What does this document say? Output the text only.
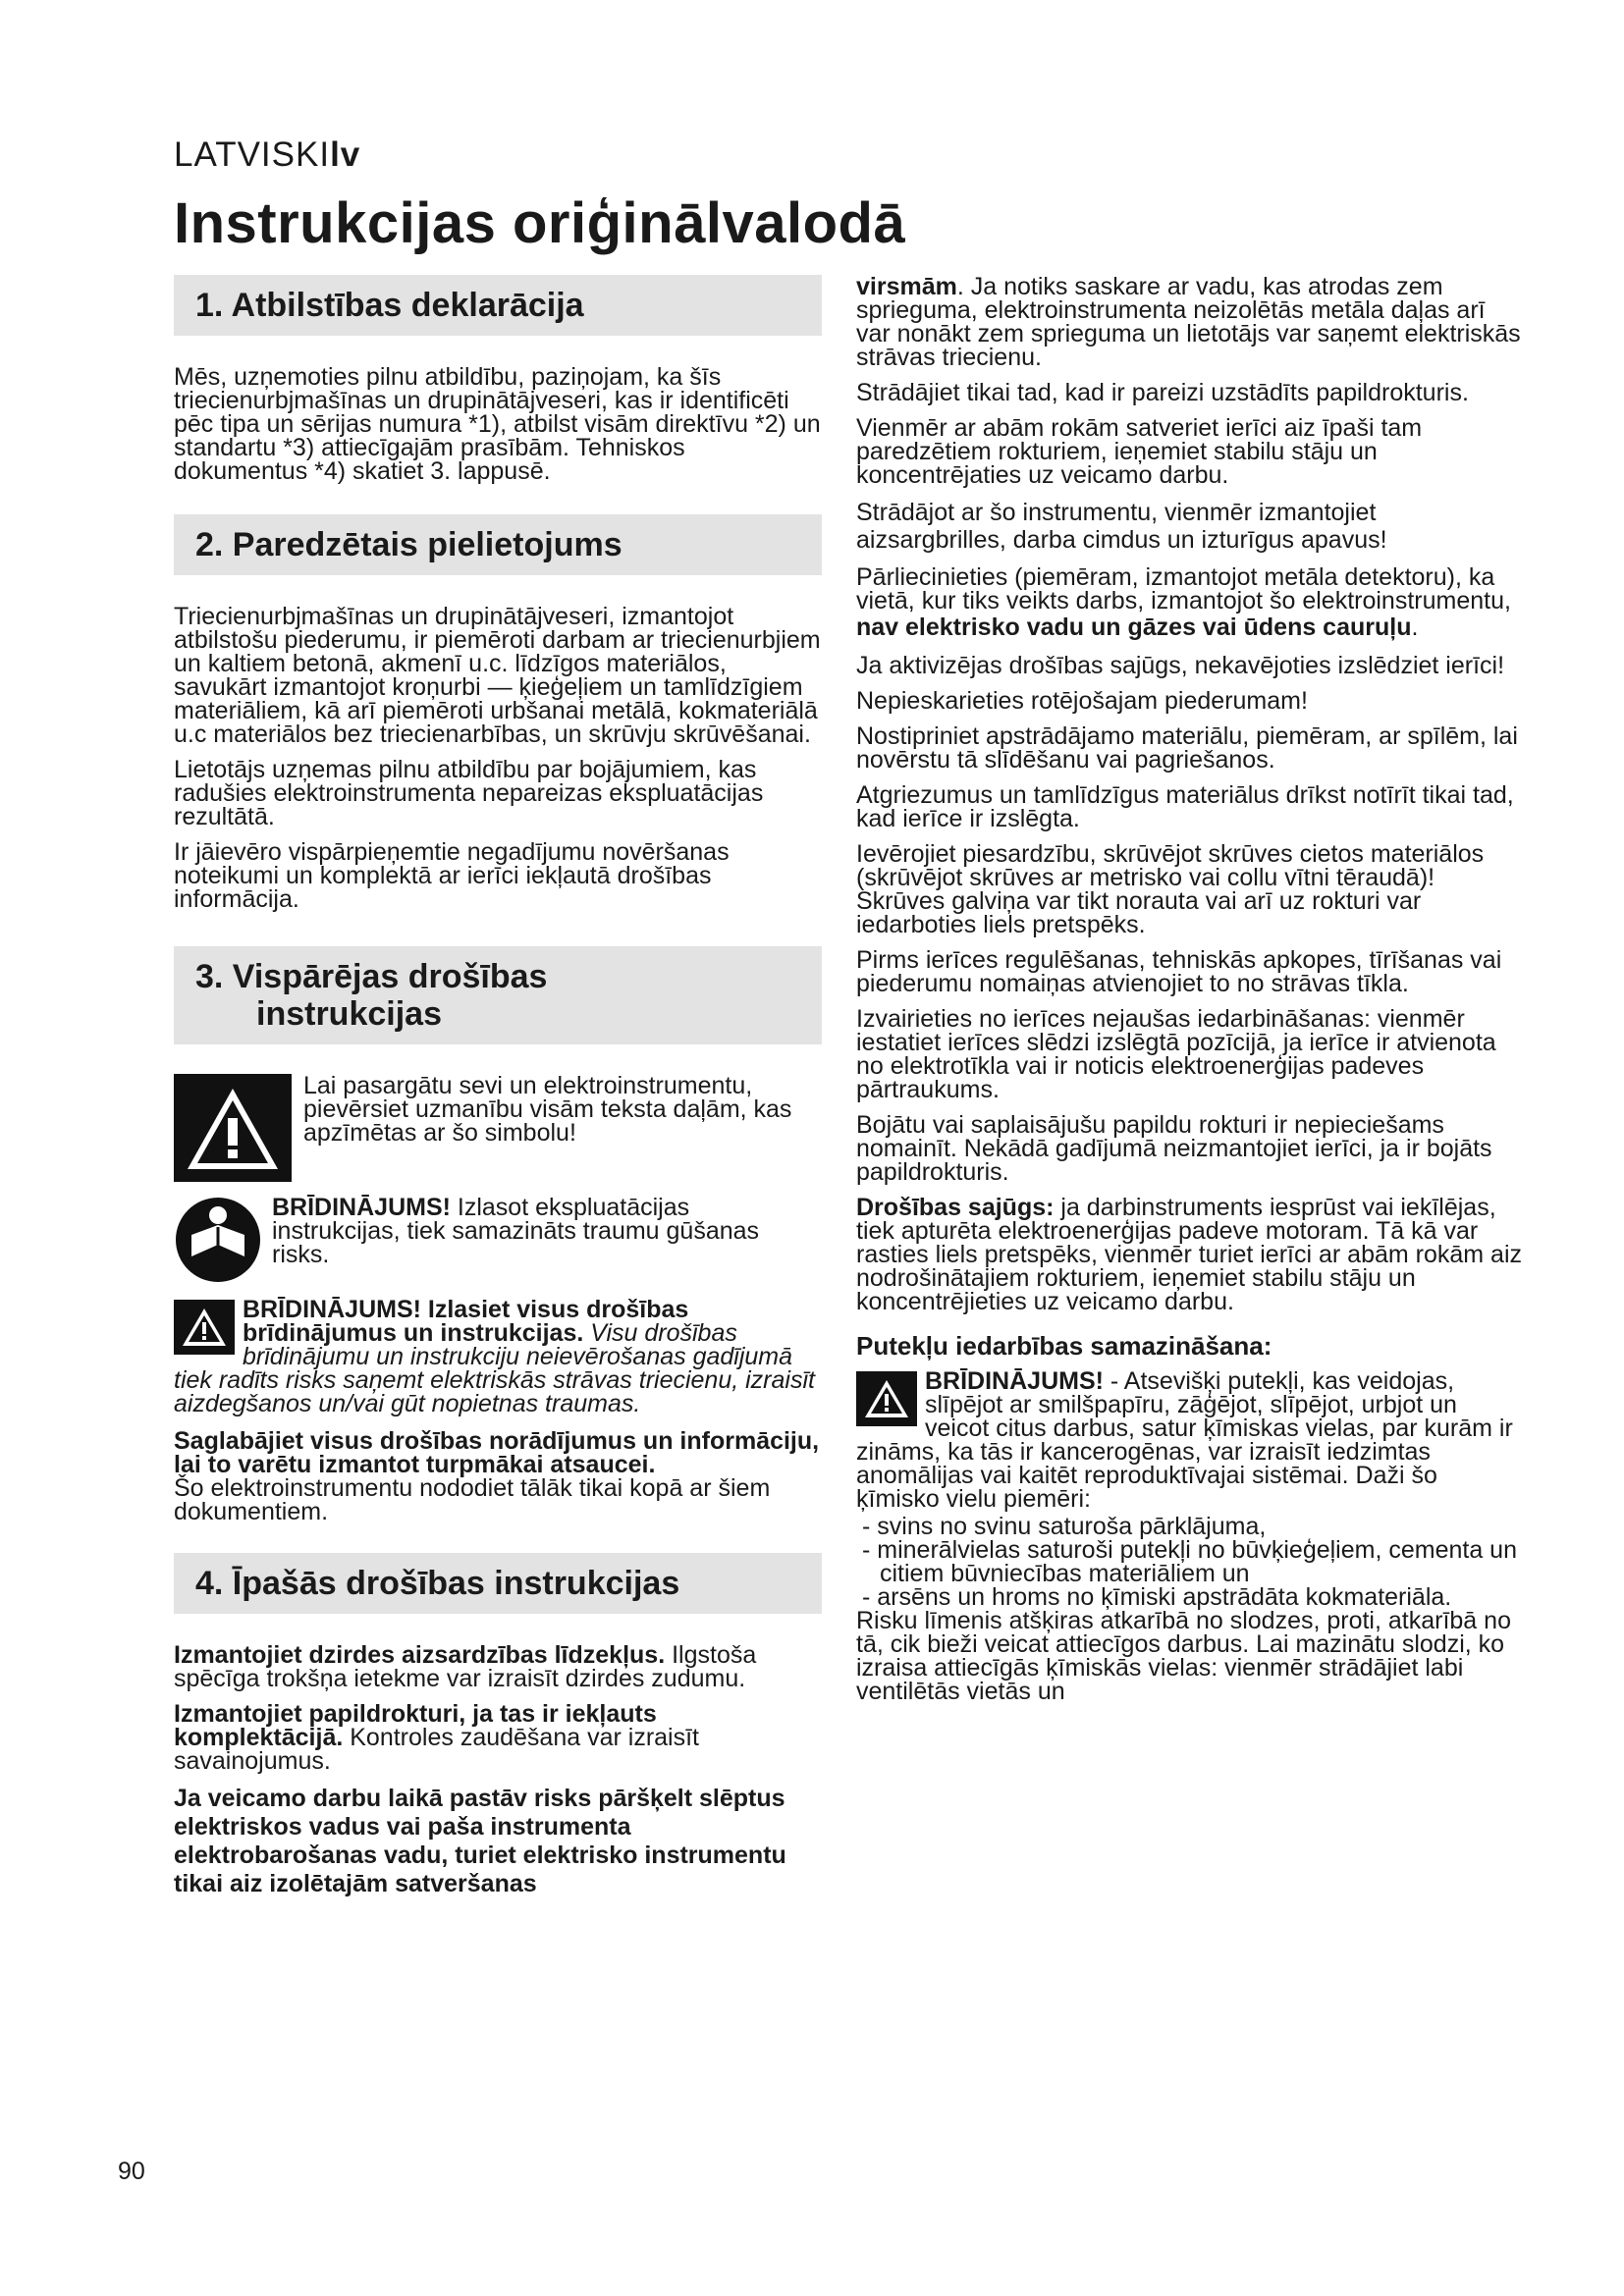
LATVISKIlv
Instrukcijas oriģinālvalodā
1. Atbilstības deklarācija

Mēs, uzņemoties pilnu atbildību, paziņojam, ka šīs triecienurbjmašīnas un drupinātājveseri, kas ir identificēti pēc tipa un sērijas numura *1), atbilst visām direktīvu *2) un standartu *3) attiecīgajām prasībām. Tehniskos dokumentus *4) skatiet 3. lappusē.

2. Paredzētais pielietojums

Triecienurbjmašīnas un drupinātājveseri, izmantojot atbilstošu piederumu, ir piemēroti darbam ar triecienurbjiem un kaltiem betonā, akmenī u.c. līdzīgos materiālos, savukārt izmantojot kroņurbi — ķieģeļiem un tamlīdzīgiem materiāliem, kā arī piemēroti urbšanai metālā, kokmateriālā u.c materiālos bez triecienarbības, un skrūvju skrūvēšanai.

Lietotājs uzņemas pilnu atbildību par bojājumiem, kas radušies elektroinstrumenta nepareizas ekspluatācijas rezultātā.

Ir jāievēro vispārpieņemtie negadījumu novēršanas noteikumi un komplektā ar ierīci iekļautā drošības informācija.

3. Vispārējas drošības
instrukcijas
Lai pasargātu sevi un elektroinstrumentu, pievērsiet uzmanību visām teksta daļām, kas apzīmētas ar šo simbolu!
BRĪDINĀJUMS! Izlasot ekspluatācijas instrukcijas, tiek samazināts traumu gūšanas risks.

BRĪDINĀJUMS! Izlasiet visus drošības brīdinājumus un instrukcijas. Visu drošības brīdinājumu un instrukciju neievērošanas gadījumā tiek radīts risks saņemt elektriskās strāvas triecienu, izraisīt aizdegšanos un/vai gūt nopietnas traumas.

Saglabājiet visus drošības norādījumus un informāciju, lai to varētu izmantot turpmākai atsaucei.
Šo elektroinstrumentu nododiet tālāk tikai kopā ar šiem dokumentiem.

4. Īpašās drošības instrukcijas

Izmantojiet dzirdes aizsardzības līdzekļus. Ilgstoša spēcīga trokšņa ietekme var izraisīt dzirdes zudumu.

Izmantojiet papildrokturi, ja tas ir iekļauts komplektācijā. Kontroles zaudēšana var izraisīt savainojumus.

Ja veicamo darbu laikā pastāv risks pāršķelt slēptus elektriskos vadus vai paša instrumenta elektrobarošanas vadu, turiet elektrisko instrumentu tikai aiz izolētajām satveršanas

virsmām. Ja notiks saskare ar vadu, kas atrodas zem sprieguma, elektroinstrumenta neizolētās metāla daļas arī var nonākt zem sprieguma un lietotājs var saņemt elektriskās strāvas triecienu.

Strādājiet tikai tad, kad ir pareizi uzstādīts papildrokturis.

Vienmēr ar abām rokām satveriet ierīci aiz īpaši tam paredzētiem rokturiem, ieņemiet stabilu stāju un koncentrējaties uz veicamo darbu.

Strādājot ar šo instrumentu, vienmēr izmantojiet aizsargbrilles, darba cimdus un izturīgus apavus!

Pārliecinieties (piemēram, izmantojot metāla detektoru), ka vietā, kur tiks veikts darbs, izmantojot šo elektroinstrumentu, nav elektrisko vadu un gāzes vai ūdens cauruļu.

Ja aktivizējas drošības sajūgs, nekavējoties izslēdziet ierīci!

Nepieskarieties rotējošajam piederumam!

Nostipriniet apstrādājamo materiālu, piemēram, ar spīlēm, lai novērstu tā slīdēšanu vai pagriešanos.

Atgriezumus un tamlīdzīgus materiālus drīkst notīrīt tikai tad, kad ierīce ir izslēgta.

Ievērojiet piesardzību, skrūvējot skrūves cietos materiālos (skrūvējot skrūves ar metrisko vai collu vītni tēraudā)! Skrūves galviņa var tikt norauta vai arī uz rokturi var iedarboties liels pretspēks.

Pirms ierīces regulēšanas, tehniskās apkopes, tīrīšanas vai piederumu nomaiņas atvienojiet to no strāvas tīkla.

Izvairieties no ierīces nejaušas iedarbināšanas: vienmēr iestatiet ierīces slēdzi izslēgtā pozīcijā, ja ierīce ir atvienota no elektrotīkla vai ir noticis elektroenerģijas padeves pārtraukums.

Bojātu vai saplaisājušu papildu rokturi ir nepieciešams nomainīt. Nekādā gadījumā neizmantojiet ierīci, ja ir bojāts papildrokturis.

Drošības sajūgs: ja darbinstruments iesprūst vai iekīlējas, tiek apturēta elektroenerģijas padeve motoram. Tā kā var rasties liels pretspēks, vienmēr turiet ierīci ar abām rokām aiz nodrošinātajiem rokturiem, ieņemiet stabilu stāju un koncentrējieties uz veicamo darbu.

Putekļu iedarbības samazināšana:

BRĪDINĀJUMS! - Atsevišķi putekļi, kas veidojas, slīpējot ar smilšpapīru, zāģējot, slīpējot, urbjot un veicot citus darbus, satur ķīmiskas vielas, par kurām ir zināms, ka tās ir kancerogēnas, var izraisīt iedzimtas anomālijas vai kaitēt reproduktīvajai sistēmai. Daži šo ķīmisko vielu piemēri:

- svins no svinu saturoša pārklājuma,
- minerālvielas saturoši putekļi no būvķieģeļiem, cementa un citiem būvniecības materiāliem un
- arsēns un hroms no ķīmiski apstrādāta kokmateriāla.

Risku līmenis atšķiras atkarībā no slodzes, proti, atkarībā no tā, cik bieži veicat attiecīgos darbus. Lai mazinātu slodzi, ko izraisa attiecīgās ķīmiskās vielas: vienmēr strādājiet labi ventilētās vietās un

90
